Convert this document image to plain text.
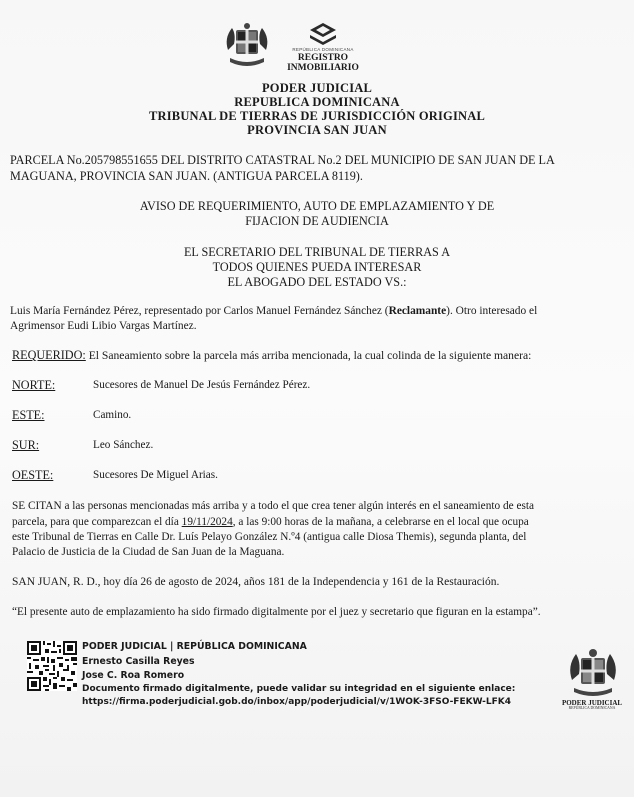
REPÚBLICA DOMINICANA
REGISTRO
INMOBILIARIO
PODER JUDICIAL
REPUBLICA DOMINICANA
TRIBUNAL DE TIERRAS DE JURISDICCIÓN ORIGINAL
PROVINCIA SAN JUAN
PARCELA No.205798551655 DEL DISTRITO CATASTRAL No.2 DEL MUNICIPIO DE SAN JUAN DE LA
MAGUANA, PROVINCIA SAN JUAN. (ANTIGUA PARCELA 8119).
AVISO DE REQUERIMIENTO, AUTO DE EMPLAZAMIENTO Y DE
FIJACION DE AUDIENCIA
EL SECRETARIO DEL TRIBUNAL DE TIERRAS A
TODOS QUIENES PUEDA INTERESAR
EL ABOGADO DEL ESTADO VS.:
Luis María Fernández Pérez, representado por Carlos Manuel Fernández Sánchez (Reclamante). Otro interesado el
Agrimensor Eudi Libio Vargas Martínez.
REQUERIDO: El Saneamiento sobre la parcela más arriba mencionada, la cual colinda de la siguiente manera:
NORTE:	Sucesores de Manuel De Jesús Fernández Pérez.
ESTE:	Camino.
SUR:	Leo Sánchez.
OESTE:	Sucesores De Miguel Arias.
SE CITAN a las personas mencionadas más arriba y a todo el que crea tener algún interés en el saneamiento de esta
parcela, para que comparezcan el día 19/11/2024, a las 9:00 horas de la mañana, a celebrarse en el local que ocupa
este Tribunal de Tierras en Calle Dr. Luís Pelayo González N.º4 (antigua calle Diosa Themis), segunda planta, del
Palacio de Justicia de la Ciudad de San Juan de la Maguana.
SAN JUAN, R. D., hoy día 26 de agosto de 2024, años 181 de la Independencia y 161 de la Restauración.
“El presente auto de emplazamiento ha sido firmado digitalmente por el juez y secretario que figuran en la estampa”.
PODER JUDICIAL | REPÚBLICA DOMINICANA
Ernesto Casilla Reyes
Jose C. Roa Romero
Documento firmado digitalmente, puede validar su integridad en el siguiente enlace:
https://firma.poderjudicial.gob.do/inbox/app/poderjudicial/v/1WOK-3FSO-FEKW-LFK4	PODER JUDICIAL
REPÚBLICA DOMINICANA
